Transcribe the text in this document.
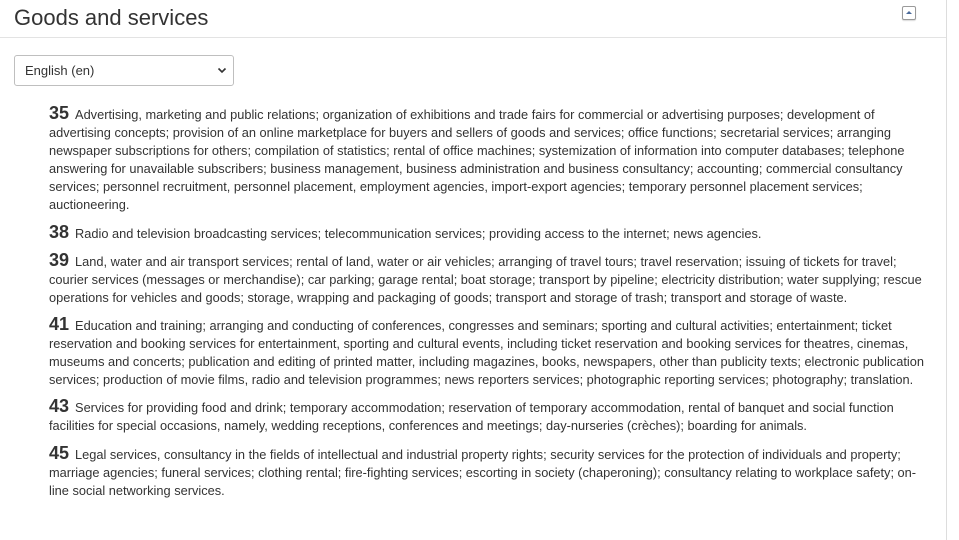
Goods and services
English (en)

35 Advertising, marketing and public relations; organization of exhibitions and trade fairs for commercial or advertising purposes; development of advertising concepts; provision of an online marketplace for buyers and sellers of goods and services; office functions; secretarial services; arranging newspaper subscriptions for others; compilation of statistics; rental of office machines; systemization of information into computer databases; telephone answering for unavailable subscribers; business management, business administration and business consultancy; accounting; commercial consultancy services; personnel recruitment, personnel placement, employment agencies, import-export agencies; temporary personnel placement services; auctioneering.

38 Radio and television broadcasting services; telecommunication services; providing access to the internet; news agencies.

39 Land, water and air transport services; rental of land, water or air vehicles; arranging of travel tours; travel reservation; issuing of tickets for travel; courier services (messages or merchandise); car parking; garage rental; boat storage; transport by pipeline; electricity distribution; water supplying; rescue operations for vehicles and goods; storage, wrapping and packaging of goods; transport and storage of trash; transport and storage of waste.

41 Education and training; arranging and conducting of conferences, congresses and seminars; sporting and cultural activities; entertainment; ticket reservation and booking services for entertainment, sporting and cultural events, including ticket reservation and booking services for theatres, cinemas, museums and concerts; publication and editing of printed matter, including magazines, books, newspapers, other than publicity texts; electronic publication services; production of movie films, radio and television programmes; news reporters services; photographic reporting services; photography; translation.

43 Services for providing food and drink; temporary accommodation; reservation of temporary accommodation, rental of banquet and social function facilities for special occasions, namely, wedding receptions, conferences and meetings; day-nurseries (crèches); boarding for animals.

45 Legal services, consultancy in the fields of intellectual and industrial property rights; security services for the protection of individuals and property; marriage agencies; funeral services; clothing rental; fire-fighting services; escorting in society (chaperoning); consultancy relating to workplace safety; on-line social networking services.
